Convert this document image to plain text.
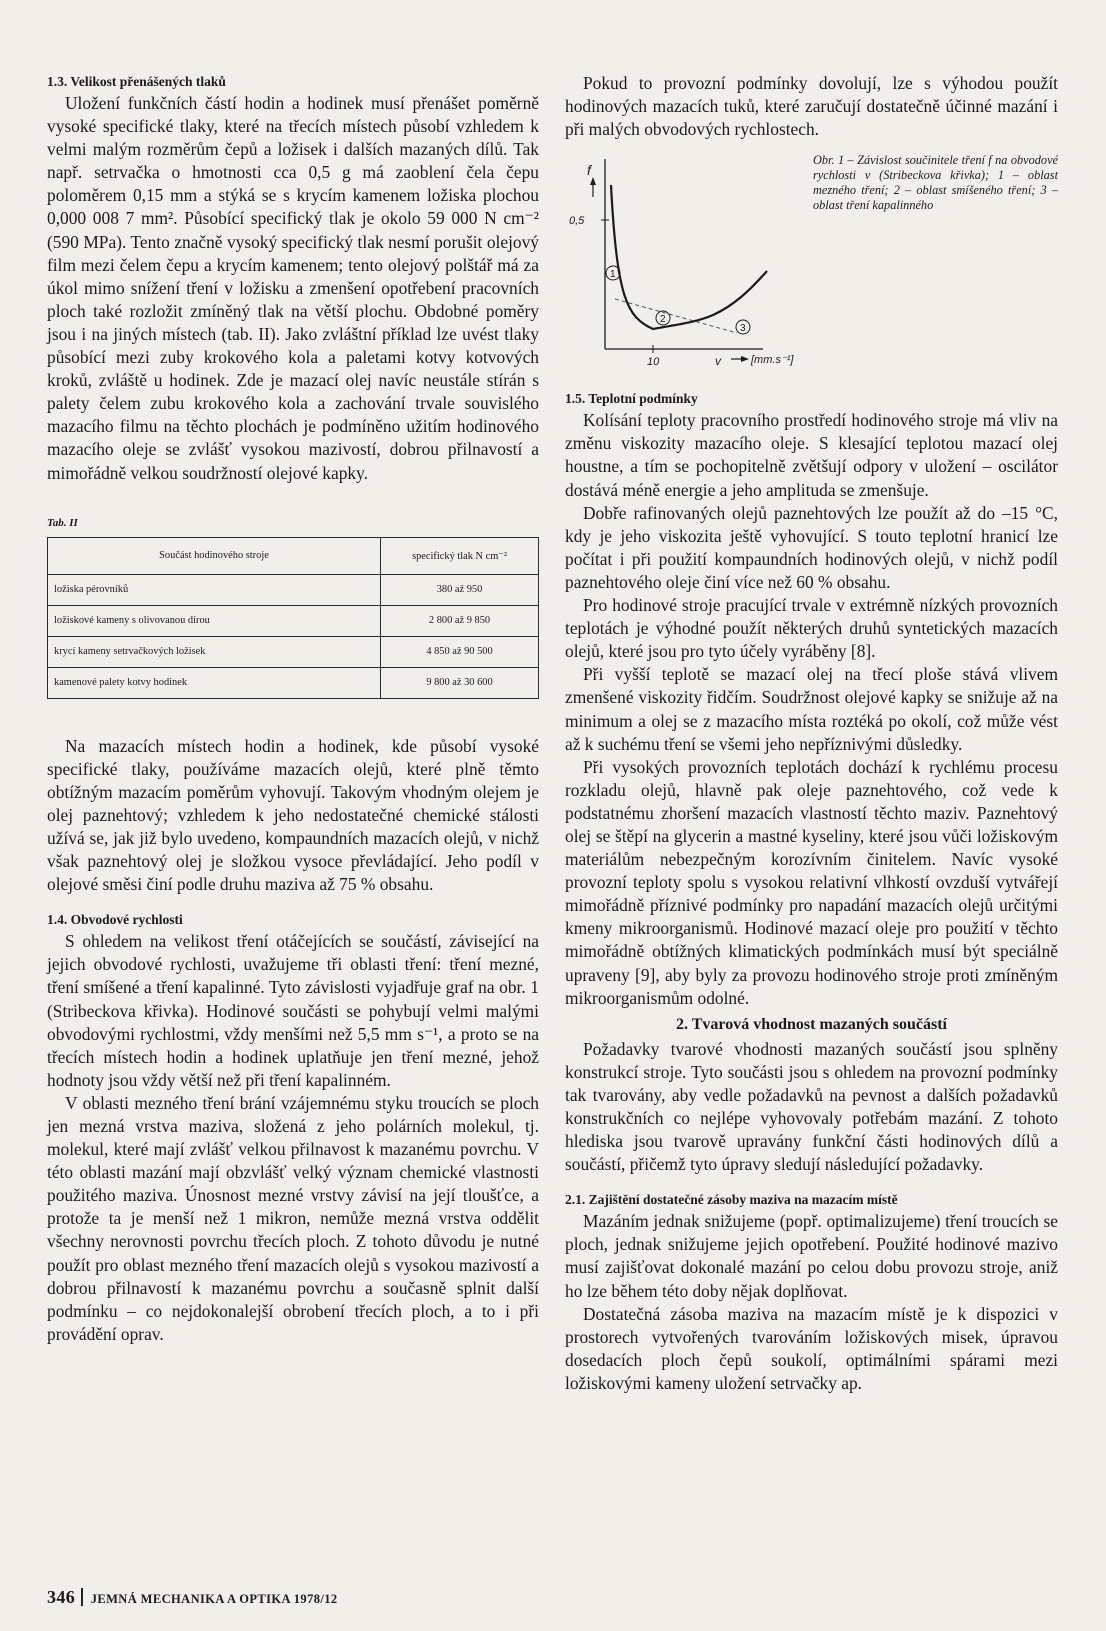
1.3. Velikost přenášených tlaků

Uložení funkčních částí hodin a hodinek musí přenášet poměrně vysoké specifické tlaky, které na třecích místech působí vzhledem k velmi malým rozměrům čepů a ložisek i dalších mazaných dílů. Tak např. setrvačka o hmotnosti cca 0,5 g má zaoblení čela čepu poloměrem 0,15 mm a stýká se s krycím kamenem ložiska plochou 0,000 008 7 mm². Působící specifický tlak je okolo 59 000 N cm⁻² (590 MPa). Tento značně vysoký specifický tlak nesmí porušit olejový film mezi čelem čepu a krycím kamenem; tento olejový polštář má za úkol mimo snížení tření v ložisku a zmenšení opotřebení pracovních ploch také rozložit zmíněný tlak na větší plochu. Obdobné poměry jsou i na jiných místech (tab. II). Jako zvláštní příklad lze uvést tlaky působící mezi zuby krokového kola a paletami kotvy kotvových kroků, zvláště u hodinek. Zde je mazací olej navíc neustále stírán s palety čelem zubu krokového kola a zachování trvale souvislého mazacího filmu na těchto plochách je podmíněno užitím hodinového mazacího oleje se zvlášť vysokou mazivostí, dobrou přilnavostí a mimořádně velkou soudržností olejové kapky.

Tab. II
Součást hodinového stroje	specifický tlak N cm⁻²
ložiska pérovníků	380 až 950
ložiskové kameny s olivovanou dírou	2 800 až 9 850
krycí kameny setrvačkových ložisek	4 850 až 90 500
kamenové palety kotvy hodinek	9 800 až 30 600

Na mazacích místech hodin a hodinek, kde působí vysoké specifické tlaky, používáme mazacích olejů, které plně těmto obtížným mazacím poměrům vyhovují. Takovým vhodným olejem je olej paznehtový; vzhledem k jeho nedostatečné chemické stálosti užívá se, jak již bylo uvedeno, kompaundních mazacích olejů, v nichž však paznehtový olej je složkou vysoce převládající. Jeho podíl v olejové směsi činí podle druhu maziva až 75 % obsahu.

1.4. Obvodové rychlosti

S ohledem na velikost tření otáčejících se součástí, závisející na jejich obvodové rychlosti, uvažujeme tři oblasti tření: tření mezné, tření smíšené a tření kapalinné. Tyto závislosti vyjadřuje graf na obr. 1 (Stribeckova křivka). Hodinové součásti se pohybují velmi malými obvodovými rychlostmi, vždy menšími než 5,5 mm s⁻¹, a proto se na třecích místech hodin a hodinek uplatňuje jen tření mezné, jehož hodnoty jsou vždy větší než při tření kapalinném.

V oblasti mezného tření brání vzájemnému styku troucích se ploch jen mezná vrstva maziva, složená z jeho polárních molekul, tj. molekul, které mají zvlášť velkou přilnavost k mazanému povrchu. V této oblasti mazání mají obzvlášť velký význam chemické vlastnosti použitého maziva. Únosnost mezné vrstvy závisí na její tloušťce, a protože ta je menší než 1 mikron, nemůže mezná vrstva oddělit všechny nerovnosti povrchu třecích ploch. Z tohoto důvodu je nutné použít pro oblast mezného tření mazacích olejů s vysokou mazivostí a dobrou přilnavostí k mazanému povrchu a současně splnit další podmínku – co nejdokonalejší obrobení třecích ploch, a to i při provádění oprav.

Pokud to provozní podmínky dovolují, lze s výhodou použít hodinových mazacích tuků, které zaručují dostatečně účinné mazání i při malých obvodových rychlostech.

f
0,5
10	v	[mm.s⁻¹]
1
2
3
Obr. 1 – Závislost součinitele tření f na obvodové rychlosti v (Stribeckova křivka); 1 – oblast mezného tření; 2 – oblast smíšeného tření; 3 – oblast tření kapalinného
1.5. Teplotní podmínky

Kolísání teploty pracovního prostředí hodinového stroje má vliv na změnu viskozity mazacího oleje. S klesající teplotou mazací olej houstne, a tím se pochopitelně zvětšují odpory v uložení – oscilátor dostává méně energie a jeho amplituda se zmenšuje.

Dobře rafinovaných olejů paznehtových lze použít až do –15 °C, kdy je jeho viskozita ještě vyhovující. S touto teplotní hranicí lze počítat i při použití kompaundních hodinových olejů, v nichž podíl paznehtového oleje činí více než 60 % obsahu.

Pro hodinové stroje pracující trvale v extrémně nízkých provozních teplotách je výhodné použít některých druhů syntetických mazacích olejů, které jsou pro tyto účely vyráběny [8].

Při vyšší teplotě se mazací olej na třecí ploše stává vlivem zmenšené viskozity řidčím. Soudržnost olejové kapky se snižuje až na minimum a olej se z mazacího místa roztéká po okolí, což může vést až k suchému tření se všemi jeho nepříznivými důsledky.

Při vysokých provozních teplotách dochází k rychlému procesu rozkladu olejů, hlavně pak oleje paznehtového, což vede k podstatnému zhoršení mazacích vlastností těchto maziv. Paznehtový olej se štěpí na glycerin a mastné kyseliny, které jsou vůči ložiskovým materiálům nebezpečným korozívním činitelem. Navíc vysoké provozní teploty spolu s vysokou relativní vlhkostí ovzduší vytvářejí mimořádně příznivé podmínky pro napadání mazacích olejů určitými kmeny mikroorganismů. Hodinové mazací oleje pro použití v těchto mimořádně obtížných klimatických podmínkách musí být speciálně upraveny [9], aby byly za provozu hodinového stroje proti zmíněným mikroorganismům odolné.

2. Tvarová vhodnost mazaných součástí

Požadavky tvarové vhodnosti mazaných součástí jsou splněny konstrukcí stroje. Tyto součásti jsou s ohledem na provozní podmínky tak tvarovány, aby vedle požadavků na pevnost a dalších požadavků konstrukčních co nejlépe vyhovovaly potřebám mazání. Z tohoto hlediska jsou tvarově upravány funkční části hodinových dílů a součástí, přičemž tyto úpravy sledují následující požadavky.

2.1. Zajištění dostatečné zásoby maziva na mazacím místě

Mazáním jednak snižujeme (popř. optimalizujeme) tření troucích se ploch, jednak snižujeme jejich opotřebení. Použité hodinové mazivo musí zajišťovat dokonalé mazání po celou dobu provozu stroje, aniž ho lze během této doby nějak doplňovat.

Dostatečná zásoba maziva na mazacím místě je k dispozici v prostorech vytvořených tvarováním ložiskových misek, úpravou dosedacích ploch čepů soukolí, optimálními spárami mezi ložiskovými kameny uložení setrvačky ap.

346 JEMNÁ MECHANIKA A OPTIKA 1978/12
